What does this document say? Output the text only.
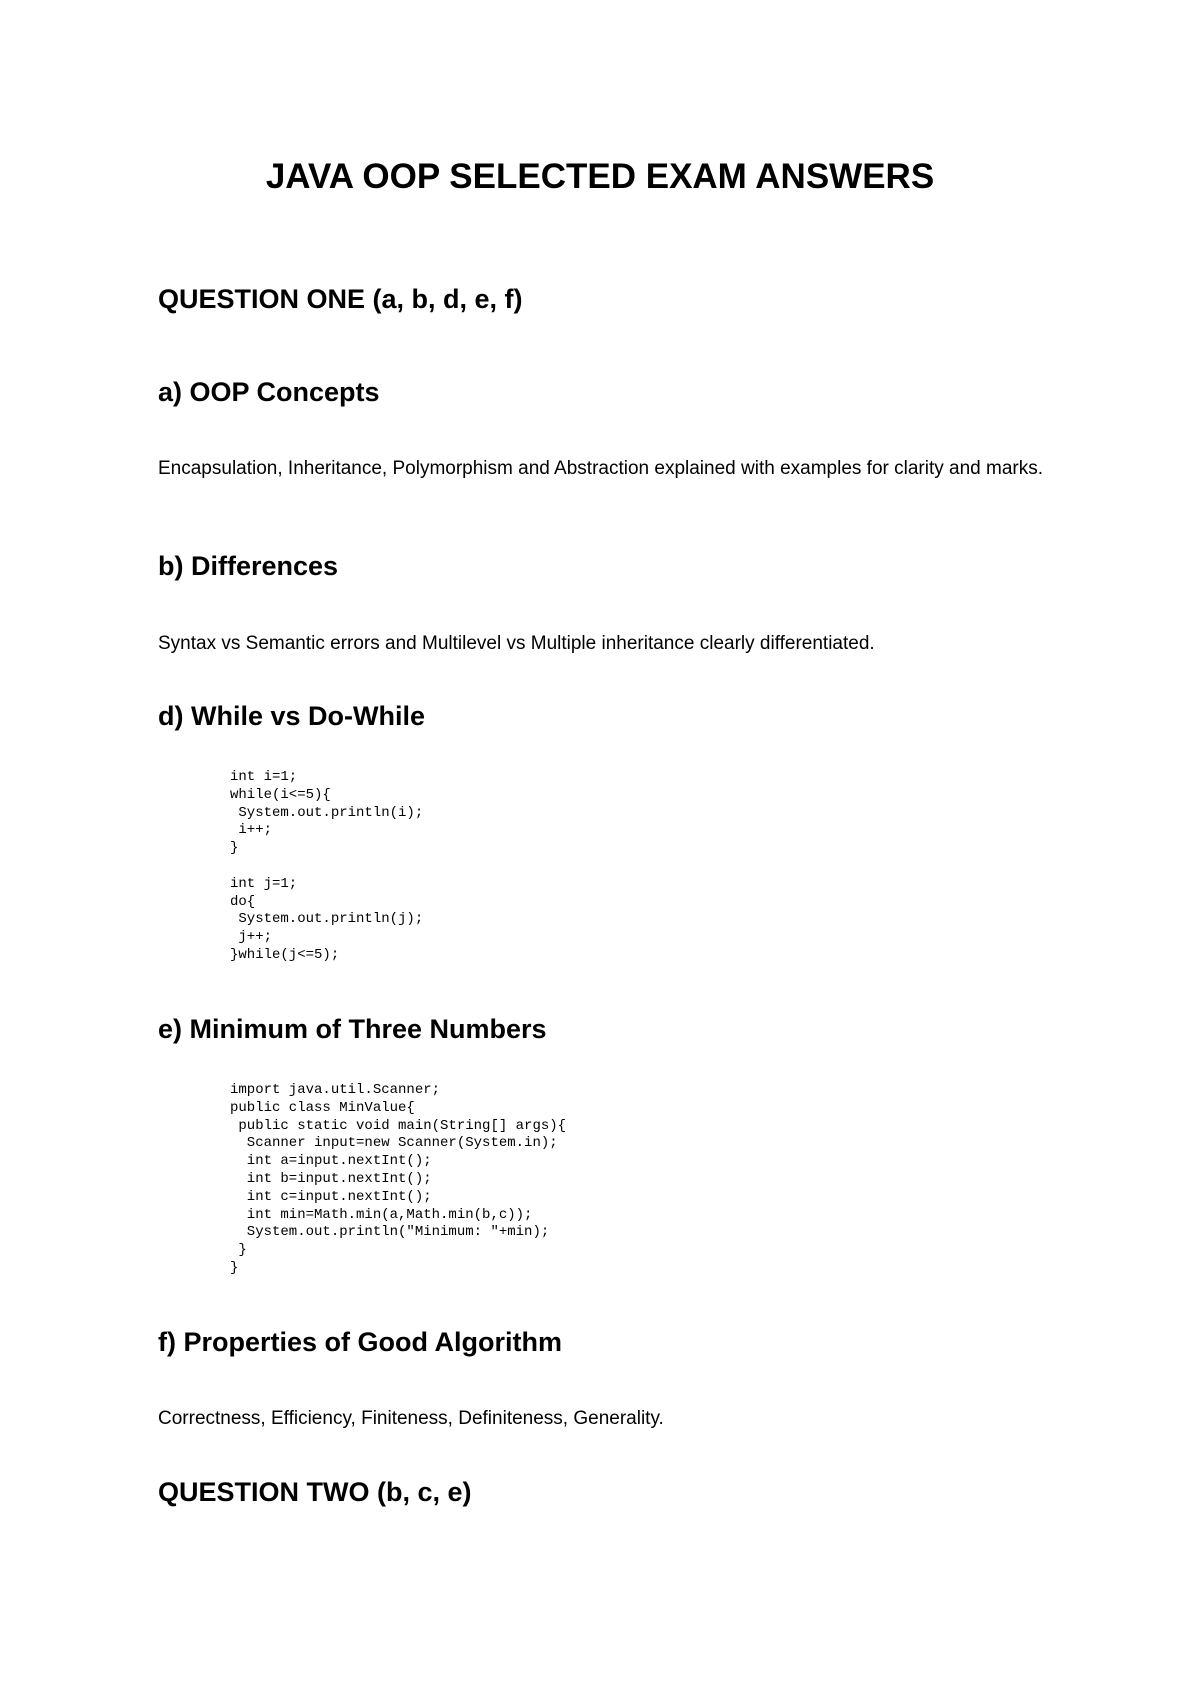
JAVA OOP SELECTED EXAM ANSWERS
QUESTION ONE (a, b, d, e, f)
a) OOP Concepts

Encapsulation, Inheritance, Polymorphism and Abstraction explained with examples for clarity and marks.

b) Differences

Syntax vs Semantic errors and Multilevel vs Multiple inheritance clearly differentiated.

d) While vs Do-While
int i=1;
while(i<=5){
System.out.println(i);
i++;
}

int j=1;
do{
System.out.println(j);
j++;
}while(j<=5);
e) Minimum of Three Numbers
import java.util.Scanner;
public class MinValue{
public static void main(String[] args){
Scanner input=new Scanner(System.in);
int a=input.nextInt();
int b=input.nextInt();
int c=input.nextInt();
int min=Math.min(a,Math.min(b,c));
System.out.println("Minimum: "+min);
}
}
f) Properties of Good Algorithm

Correctness, Efficiency, Finiteness, Definiteness, Generality.

QUESTION TWO (b, c, e)
